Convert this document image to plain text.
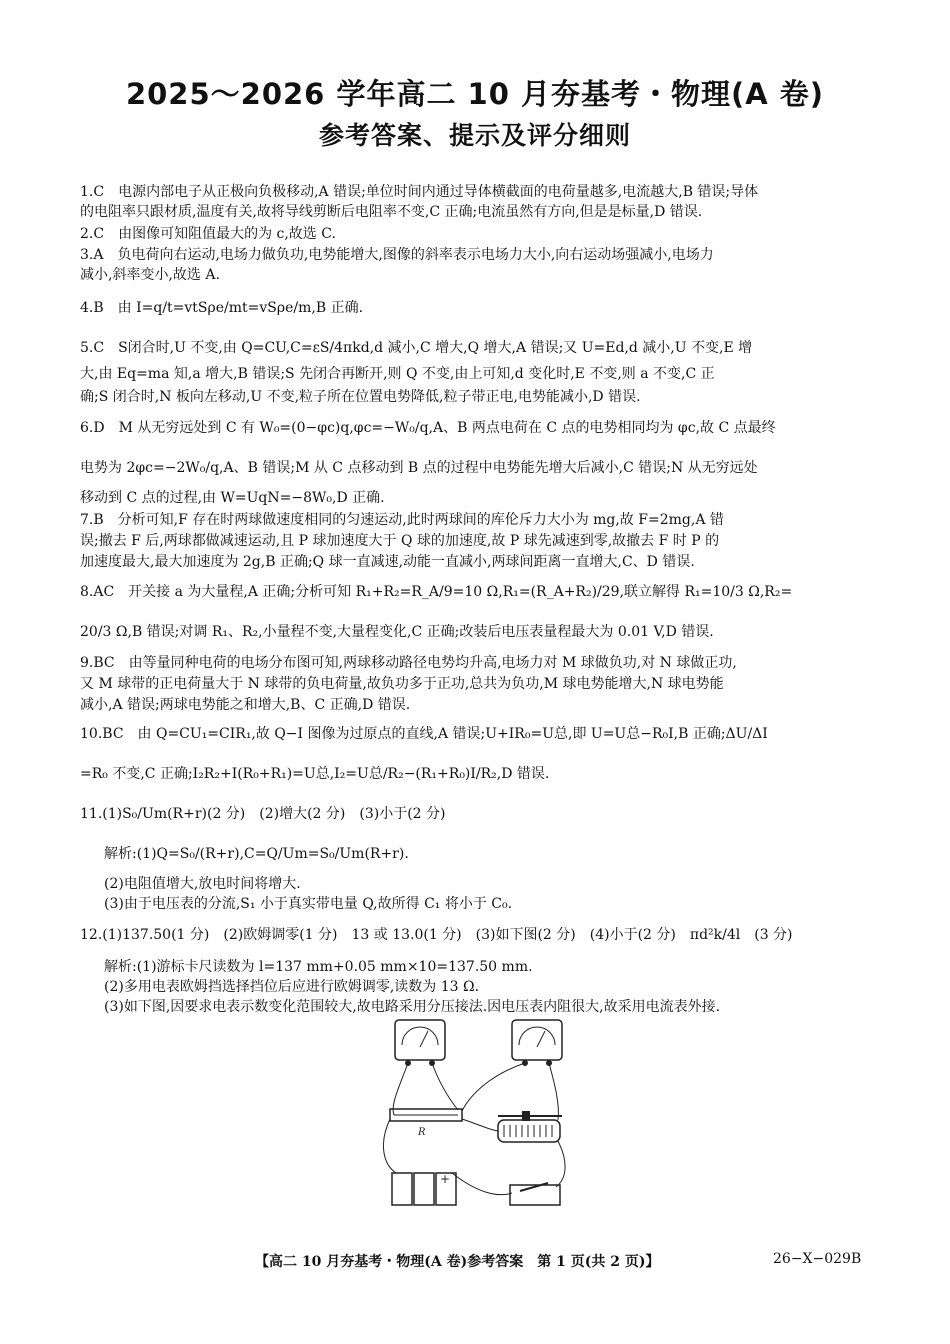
2025～2026 学年高二 10 月夯基考・物理(A 卷)
参考答案、提示及评分细则
1.C　电源内部电子从正极向负极移动,A 错误;单位时间内通过导体横截面的电荷量越多,电流越大,B 错误;导体
的电阻率只跟材质,温度有关,故将导线剪断后电阻率不变,C 正确;电流虽然有方向,但是是标量,D 错误.
2.C　由图像可知阻值最大的为 c,故选 C.
3.A　负电荷向右运动,电场力做负功,电势能增大,图像的斜率表示电场力大小,向右运动场强减小,电场力
减小,斜率变小,故选 A.
4.B　由 I=q/t=vtSρe/mt=vSρe/m,B 正确.
5.C　S闭合时,U 不变,由 Q=CU,C=εS/4πkd,d 减小,C 增大,Q 增大,A 错误;又 U=Ed,d 减小,U 不变,E 增
大,由 Eq=ma 知,a 增大,B 错误;S 先闭合再断开,则 Q 不变,由上可知,d 变化时,E 不变,则 a 不变,C 正
确;S 闭合时,N 板向左移动,U 不变,粒子所在位置电势降低,粒子带正电,电势能减小,D 错误.
6.D　M 从无穷远处到 C 有 W₀=(0−φc)q,φc=−W₀/q,A、B 两点电荷在 C 点的电势相同均为 φc,故 C 点最终
电势为 2φc=−2W₀/q,A、B 错误;M 从 C 点移动到 B 点的过程中电势能先增大后减小,C 错误;N 从无穷远处
移动到 C 点的过程,由 W=UqN=−8W₀,D 正确.
7.B　分析可知,F 存在时两球做速度相同的匀速运动,此时两球间的库伦斥力大小为 mg,故 F=2mg,A 错
误;撤去 F 后,两球都做减速运动,且 P 球加速度大于 Q 球的加速度,故 P 球先减速到零,故撤去 F 时 P 的
加速度最大,最大加速度为 2g,B 正确;Q 球一直减速,动能一直减小,两球间距离一直增大,C、D 错误.
8.AC　开关接 a 为大量程,A 正确;分析可知 R₁+R₂=R_A/9=10 Ω,R₁=(R_A+R₂)/29,联立解得 R₁=10/3 Ω,R₂=
20/3 Ω,B 错误;对调 R₁、R₂,小量程不变,大量程变化,C 正确;改装后电压表量程最大为 0.01 V,D 错误.
9.BC　由等量同种电荷的电场分布图可知,两球移动路径电势均升高,电场力对 M 球做负功,对 N 球做正功,
又 M 球带的正电荷量大于 N 球带的负电荷量,故负功多于正功,总共为负功,M 球电势能增大,N 球电势能
减小,A 错误;两球电势能之和增大,B、C 正确,D 错误.
10.BC　由 Q=CU₁=CIR₁,故 Q−I 图像为过原点的直线,A 错误;U+IR₀=U总,即 U=U总−R₀I,B 正确;ΔU/ΔI
=R₀ 不变,C 正确;I₂R₂+I(R₀+R₁)=U总,I₂=U总/R₂−(R₁+R₀)I/R₂,D 错误.
11.(1)S₀/Um(R+r)(2 分)　(2)增大(2 分)　(3)小于(2 分)
解析:(1)Q=S₀/(R+r),C=Q/Um=S₀/Um(R+r).
(2)电阻值增大,放电时间将增大.
(3)由于电压表的分流,S₁ 小于真实带电量 Q,故所得 C₁ 将小于 C₀.
12.(1)137.50(1 分)　(2)欧姆调零(1 分)　13 或 13.0(1 分)　(3)如下图(2 分)　(4)小于(2 分)　πd²k/4l　(3 分)
解析:(1)游标卡尺读数为 l=137 mm+0.05 mm×10=137.50 mm.
(2)多用电表欧姆挡选择挡位后应进行欧姆调零,读数为 13 Ω.
(3)如下图,因要求电表示数变化范围较大,故电路采用分压接法.因电压表内阻很大,故采用电流表外接.
R
+
【高二 10 月夯基考・物理(A 卷)参考答案　第 1 页(共 2 页)】	26−X−029B
